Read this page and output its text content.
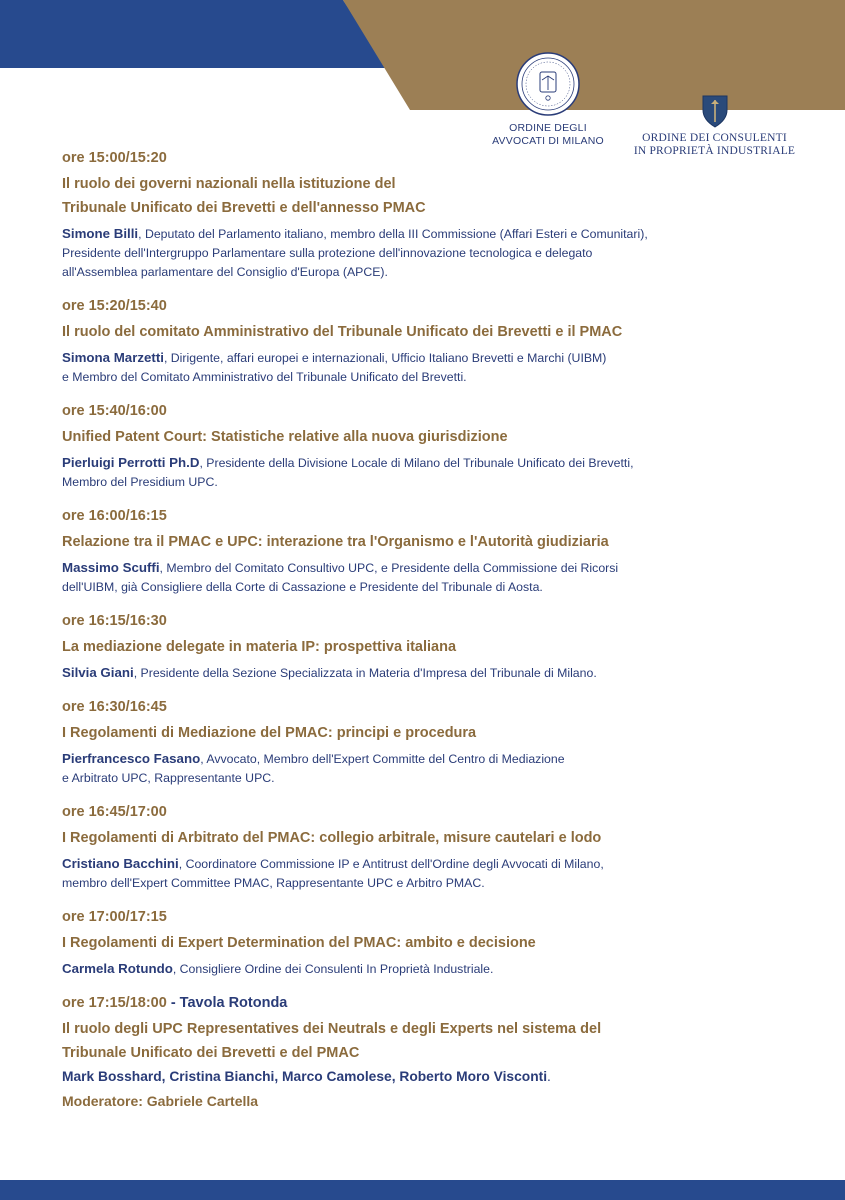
ORDINE DEGLI
AVVOCATI DI MILANO	ORDINE DEI CONSULENTI
IN PROPRIETÀ INDUSTRIALE
ore 15:00/15:20
Il ruolo dei governi nazionali nella istituzione del
Tribunale Unificato dei Brevetti e dell'annesso PMAC
Simone Billi, Deputato del Parlamento italiano, membro della III Commissione (Affari Esteri e Comunitari),
Presidente dell'Intergruppo Parlamentare sulla protezione dell'innovazione tecnologica e delegato
all'Assemblea parlamentare del Consiglio d'Europa (APCE).
ore 15:20/15:40
Il ruolo del comitato Amministrativo del Tribunale Unificato dei Brevetti e il PMAC
Simona Marzetti, Dirigente, affari europei e internazionali, Ufficio Italiano Brevetti e Marchi (UIBM)
e Membro del Comitato Amministrativo del Tribunale Unificato del Brevetti.
ore 15:40/16:00
Unified Patent Court: Statistiche relative alla nuova giurisdizione
Pierluigi Perrotti Ph.D, Presidente della Divisione Locale di Milano del Tribunale Unificato dei Brevetti,
Membro del Presidium UPC.
ore 16:00/16:15
Relazione tra il PMAC e UPC: interazione tra l'Organismo e l'Autorità giudiziaria
Massimo Scuffi, Membro del Comitato Consultivo UPC, e Presidente della Commissione dei Ricorsi
dell'UIBM, già Consigliere della Corte di Cassazione e Presidente del Tribunale di Aosta.
ore 16:15/16:30
La mediazione delegate in materia IP: prospettiva italiana
Silvia Giani, Presidente della Sezione Specializzata in Materia d'Impresa del Tribunale di Milano.
ore 16:30/16:45
I Regolamenti di Mediazione del PMAC: principi e procedura
Pierfrancesco Fasano, Avvocato, Membro dell'Expert Committe del Centro di Mediazione
e Arbitrato UPC, Rappresentante UPC.
ore 16:45/17:00
I Regolamenti di Arbitrato del PMAC: collegio arbitrale, misure cautelari e lodo
Cristiano Bacchini, Coordinatore Commissione IP e Antitrust dell'Ordine degli Avvocati di Milano,
membro dell'Expert Committee PMAC, Rappresentante UPC e Arbitro PMAC.
ore 17:00/17:15
I Regolamenti di Expert Determination del PMAC: ambito e decisione
Carmela Rotundo, Consigliere Ordine dei Consulenti In Proprietà Industriale.
ore 17:15/18:00 - Tavola Rotonda
Il ruolo degli UPC Representatives dei Neutrals e degli Experts nel sistema del
Tribunale Unificato dei Brevetti e del PMAC
Mark Bosshard, Cristina Bianchi, Marco Camolese, Roberto Moro Visconti.
Moderatore: Gabriele Cartella
